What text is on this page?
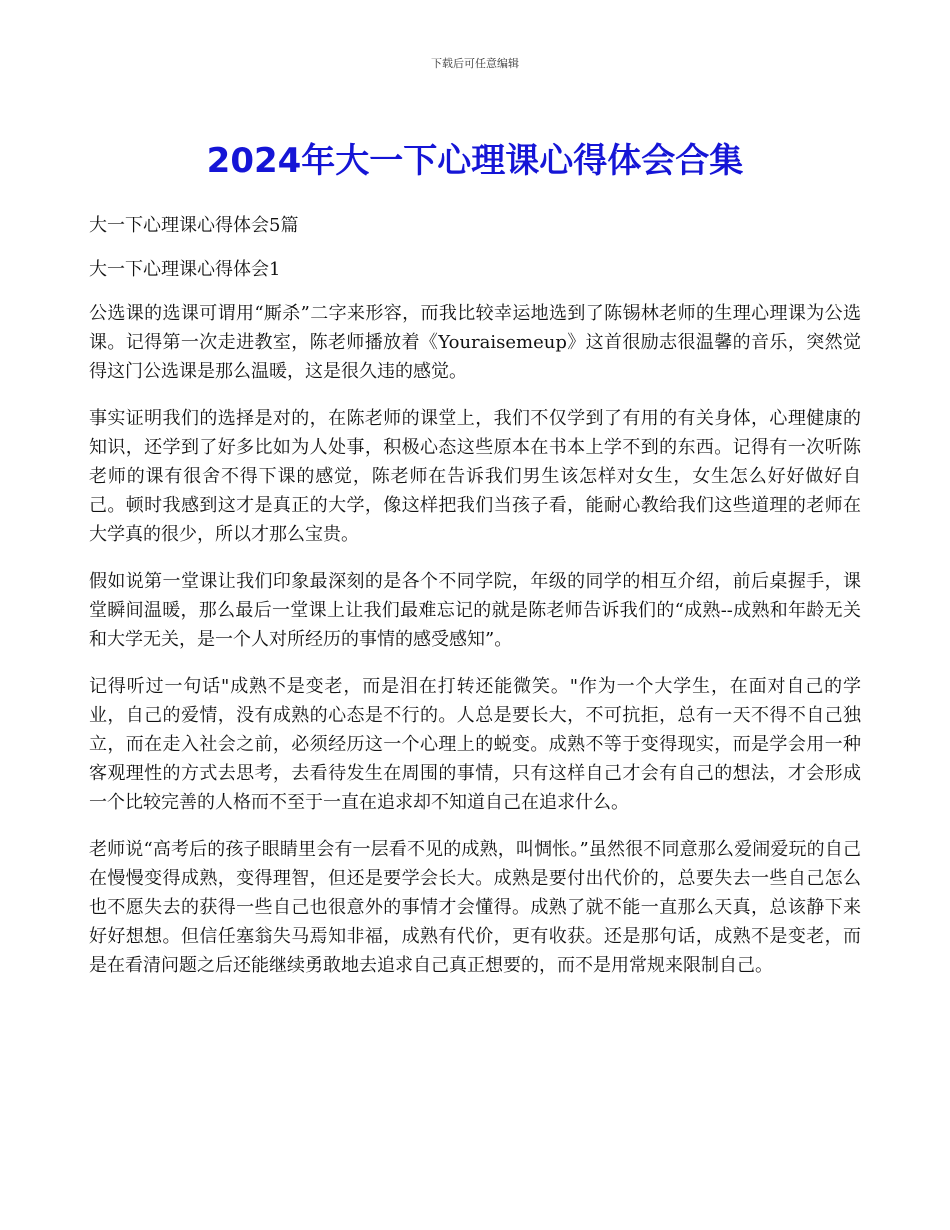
下载后可任意编辑
2024年大一下心理课心得体会合集

大一下心理课心得体会5篇

大一下心理课心得体会1

公选课的选课可谓用“厮杀”二字来形容，而我比较幸运地选到了陈锡林老师的生理心理课为公选课。记得第一次走进教室，陈老师播放着《Youraisemeup》这首很励志很温馨的音乐，突然觉得这门公选课是那么温暖，这是很久违的感觉。

事实证明我们的选择是对的，在陈老师的课堂上，我们不仅学到了有用的有关身体，心理健康的知识，还学到了好多比如为人处事，积极心态这些原本在书本上学不到的东西。记得有一次听陈老师的课有很舍不得下课的感觉，陈老师在告诉我们男生该怎样对女生，女生怎么好好做好自己。顿时我感到这才是真正的大学，像这样把我们当孩子看，能耐心教给我们这些道理的老师在大学真的很少，所以才那么宝贵。

假如说第一堂课让我们印象最深刻的是各个不同学院，年级的同学的相互介绍，前后桌握手，课堂瞬间温暖，那么最后一堂课上让我们最难忘记的就是陈老师告诉我们的“成熟--成熟和年龄无关和大学无关，是一个人对所经历的事情的感受感知”。

记得听过一句话"成熟不是变老，而是泪在打转还能微笑。"作为一个大学生，在面对自己的学业，自己的爱情，没有成熟的心态是不行的。人总是要长大，不可抗拒，总有一天不得不自己独立，而在走入社会之前，必须经历这一个心理上的蜕变。成熟不等于变得现实，而是学会用一种客观理性的方式去思考，去看待发生在周围的事情，只有这样自己才会有自己的想法，才会形成一个比较完善的人格而不至于一直在追求却不知道自己在追求什么。

老师说“高考后的孩子眼睛里会有一层看不见的成熟，叫惆怅。”虽然很不同意那么爱闹爱玩的自己在慢慢变得成熟，变得理智，但还是要学会长大。成熟是要付出代价的，总要失去一些自己怎么也不愿失去的获得一些自己也很意外的事情才会懂得。成熟了就不能一直那么天真，总该静下来好好想想。但信任塞翁失马焉知非福，成熟有代价，更有收获。还是那句话，成熟不是变老，而是在看清问题之后还能继续勇敢地去追求自己真正想要的，而不是用常规来限制自己。
